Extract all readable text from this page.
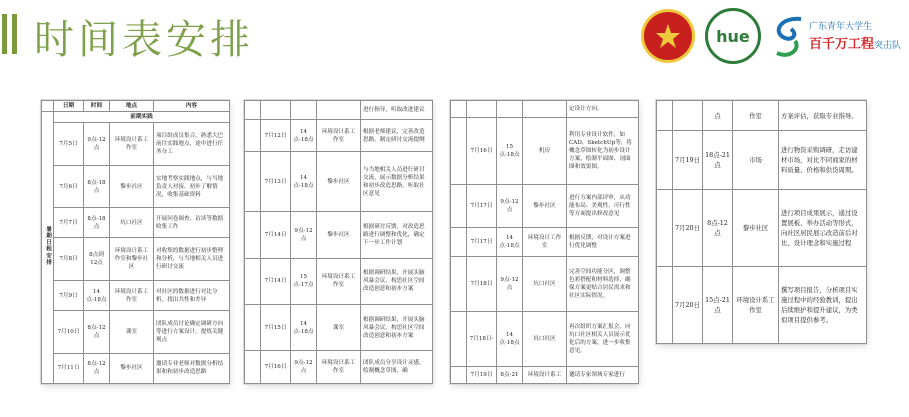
时间表安排	hue	广东青年大学生
百千万工程突击队
	日期	时间	地点	内容
暑期日程安排	前期实践			
	7月5日	9点-12点	环境设计系工作室	项目组成员集合，熟悉大巴前往实践地点，途中进行任务分工
	7月6日	8点-18点	黎步社区	实地考察实践地点，与当地负责人对接，初步了解情况，收集基础资料
	7月7日	8点-18点	坑口社区	开展问卷调查、访谈等数据收集工作
	7月8日	8点到12点	环境设计系工作室和黎步社区	对收集的数据进行初步整理和分析，与当地相关人员进行研讨交流
	7月9日	14点-18点	环境设计系工作室	对社区的数据进行对比分析，找出共性和差异
	7月10日	8点-12点	课室	团队成员讨论确定调研方向等进行方案设计，提炼关键观点
	7月11日	8点-12点	黎步社区	邀请专业老师对数据分析结果和和初步改造思路
				进行指导，听取改进建议
	7月12日	14点-18点	环境设计系工作室	根据老师建议，完善改造思路，制定研讨交流提纲
	7月13日	14点-18点	黎步社区	与当地相关人员进行研讨交流，展示数据分析结果和初步改造思路，听取社区意见
	7月14日	9点-12点	黎步社区	根据研讨反馈，对改造思路进行调整和优化，确定下一步工作计划
	7月14日	15点-17点	环境设计系工作室	根据调研结果，开展头脑风暴会议，构思社区空间改造创意和初步方案
	7月15日	14点-18点	课室	根据调研结果，开展头脑风暴会议，构思社区空间改造创意和初步方案
	7月16日	9点-12点	环境设计系工作室	团队成员分享设计灵感，绘制概念草图，确
				定设计方向。
	7月16日	15点-18点	机房	利用专业设计软件，如CAD、SketchUp等，将概念草图转化为初步设计方案，绘制平面图、剖面图和效果图。
	7月17日	9点-12点	黎步社区	进行方案内部评审，从功能布局、美观性、可行性等方面提出修改意见
	7月17日	14点-18点	环境设计工作室	根据反馈，对设计方案进行优化调整
	7月18日	9点-12点	坑口社区	完善空间功能分区，调整色彩搭配和材料选择，确保方案更贴合居民需求和社区实际情况。
	7月18日-	14点-18点	坑口社区	再次组织方案汇报会，向坑口社区相关人员展示优化后的方案，进一步收集意见。
	7月19日	8点-21	环境设计系工	邀请专家领域专家进行
		点	作室	方案评估，获取专业指导。
	7月19日	18点-21点	市场	进行物资采购调研，走访建材市场，对比不同商家的材料质量、价格和供货周期。
	7月20日	8点-12点	黎步社区	进行项目成果展示，通过设置展板、举办活动等形式，向社区居民展示改造前后对比、设计理念和实施过程
	7月20日	15点-21点	环境设计系工作室	撰写项目报告，分析项目实施过程中的经验教训，提出后续维护和提升建议，为类似项目提供参考。
